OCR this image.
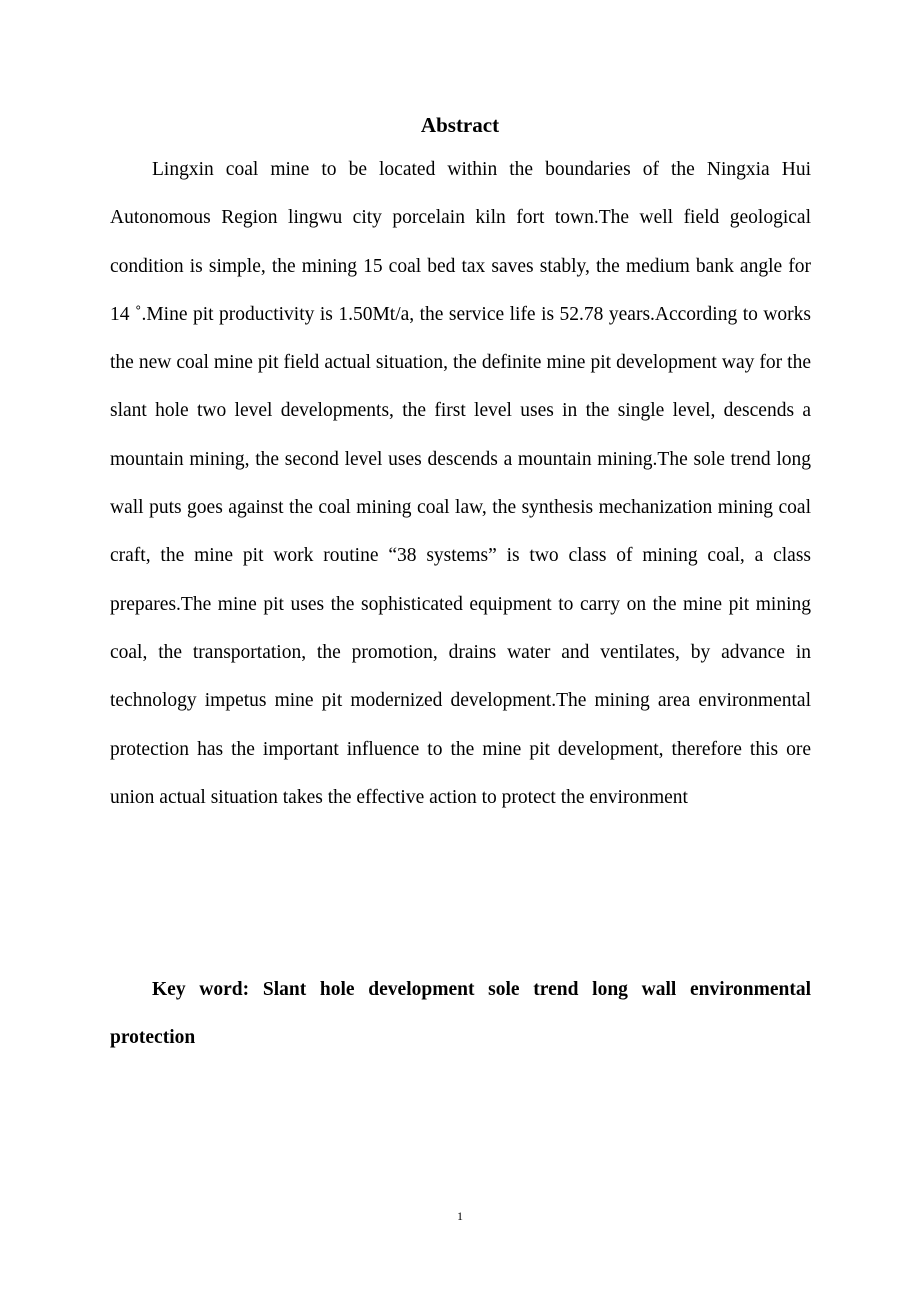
Abstract

Lingxin coal mine to be located within the boundaries of the Ningxia Hui Autonomous Region lingwu city porcelain kiln fort town.The well field geological condition is simple, the mining 15 coal bed tax saves stably, the medium bank angle for 14 ˚.Mine pit productivity is 1.50Mt/a, the service life is 52.78 years.According to works the new coal mine pit field actual situation, the definite mine pit development way for the slant hole two level developments, the first level uses in the single level, descends a mountain mining, the second level uses descends a mountain mining.The sole trend long wall puts goes against the coal mining coal law, the synthesis mechanization mining coal craft, the mine pit work routine “38 systems” is two class of mining coal, a class prepares.The mine pit uses the sophisticated equipment to carry on the mine pit mining coal, the transportation, the promotion, drains water and ventilates, by advance in technology impetus mine pit modernized development.The mining area environmental protection has the important influence to the mine pit development, therefore this ore union actual situation takes the effective action to protect the environment

Key word: Slant hole development sole trend long wall environmental protection

1
